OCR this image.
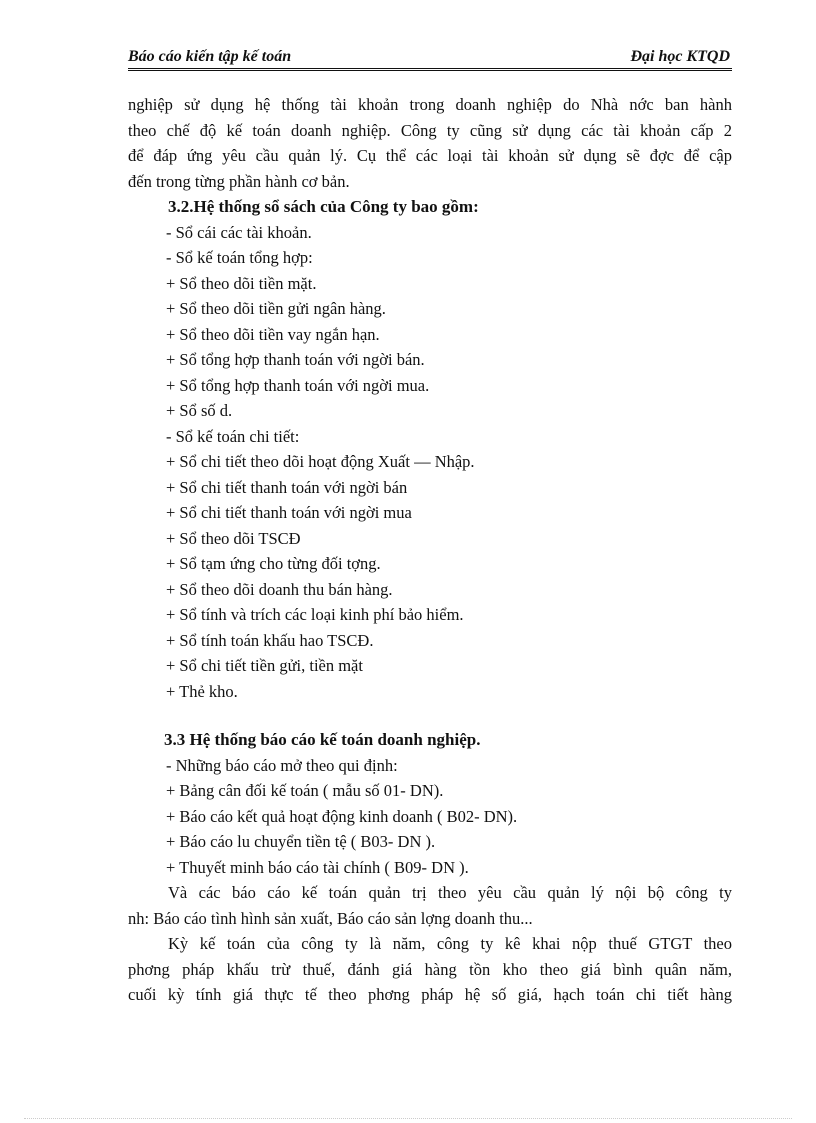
Báo cáo kiến tập kế toán	Đại học KTQD
nghiệp sử dụng hệ thống tài khoản trong doanh nghiệp do Nhà nớc ban hành
theo chế độ kế toán doanh nghiệp. Công ty cũng sử dụng các tài khoản cấp 2
để đáp ứng yêu cầu quản lý. Cụ thể các loại tài khoản sử dụng sẽ đợc để cập
đến trong từng phần hành cơ bản.
3.2.Hệ thống sổ sách của Công ty bao gồm:
- Sổ cái các tài khoản.
- Sổ kế toán tổng hợp:
+ Sổ theo dõi tiền mặt.
+ Sổ theo dõi tiền gửi ngân hàng.
+ Sổ theo dõi tiền vay ngắn hạn.
+ Sổ tổng hợp thanh toán với ngời bán.
+ Sổ tổng hợp thanh toán với ngời mua.
+ Sổ số d.
- Sổ kế toán chi tiết:
+ Sổ chi tiết theo dõi hoạt động Xuất — Nhập.
+ Sổ chi tiết thanh toán với ngời bán
+ Sổ chi tiết thanh toán với ngời mua
+ Sổ theo dõi TSCĐ
+ Sổ tạm ứng cho từng đối tợng.
+ Sổ theo dõi doanh thu bán hàng.
+ Sổ tính và trích các loại kinh phí bảo hiểm.
+ Sổ tính toán khấu hao TSCĐ.
+ Sổ chi tiết tiền gửi, tiền mặt
+ Thẻ kho.
3.3 Hệ thống báo cáo kế toán doanh nghiệp.
- Những báo cáo mở theo qui định:
+ Bảng cân đối kế toán ( mẫu số 01- DN).
+ Báo cáo kết quả hoạt động kinh doanh ( B02- DN).
+ Báo cáo lu chuyển tiền tệ ( B03- DN ).
+ Thuyết minh báo cáo tài chính ( B09- DN ).
Và các báo cáo kế toán quản trị theo yêu cầu quản lý nội bộ công ty
nh: Báo cáo tình hình sản xuất, Báo cáo sản lợng doanh thu...
Kỳ kế toán của công ty là năm, công ty kê khai nộp thuế GTGT theo
phơng pháp khấu trừ thuế, đánh giá hàng tồn kho theo giá bình quân năm,
cuối kỳ tính giá thực tế theo phơng pháp hệ số giá, hạch toán chi tiết hàng
